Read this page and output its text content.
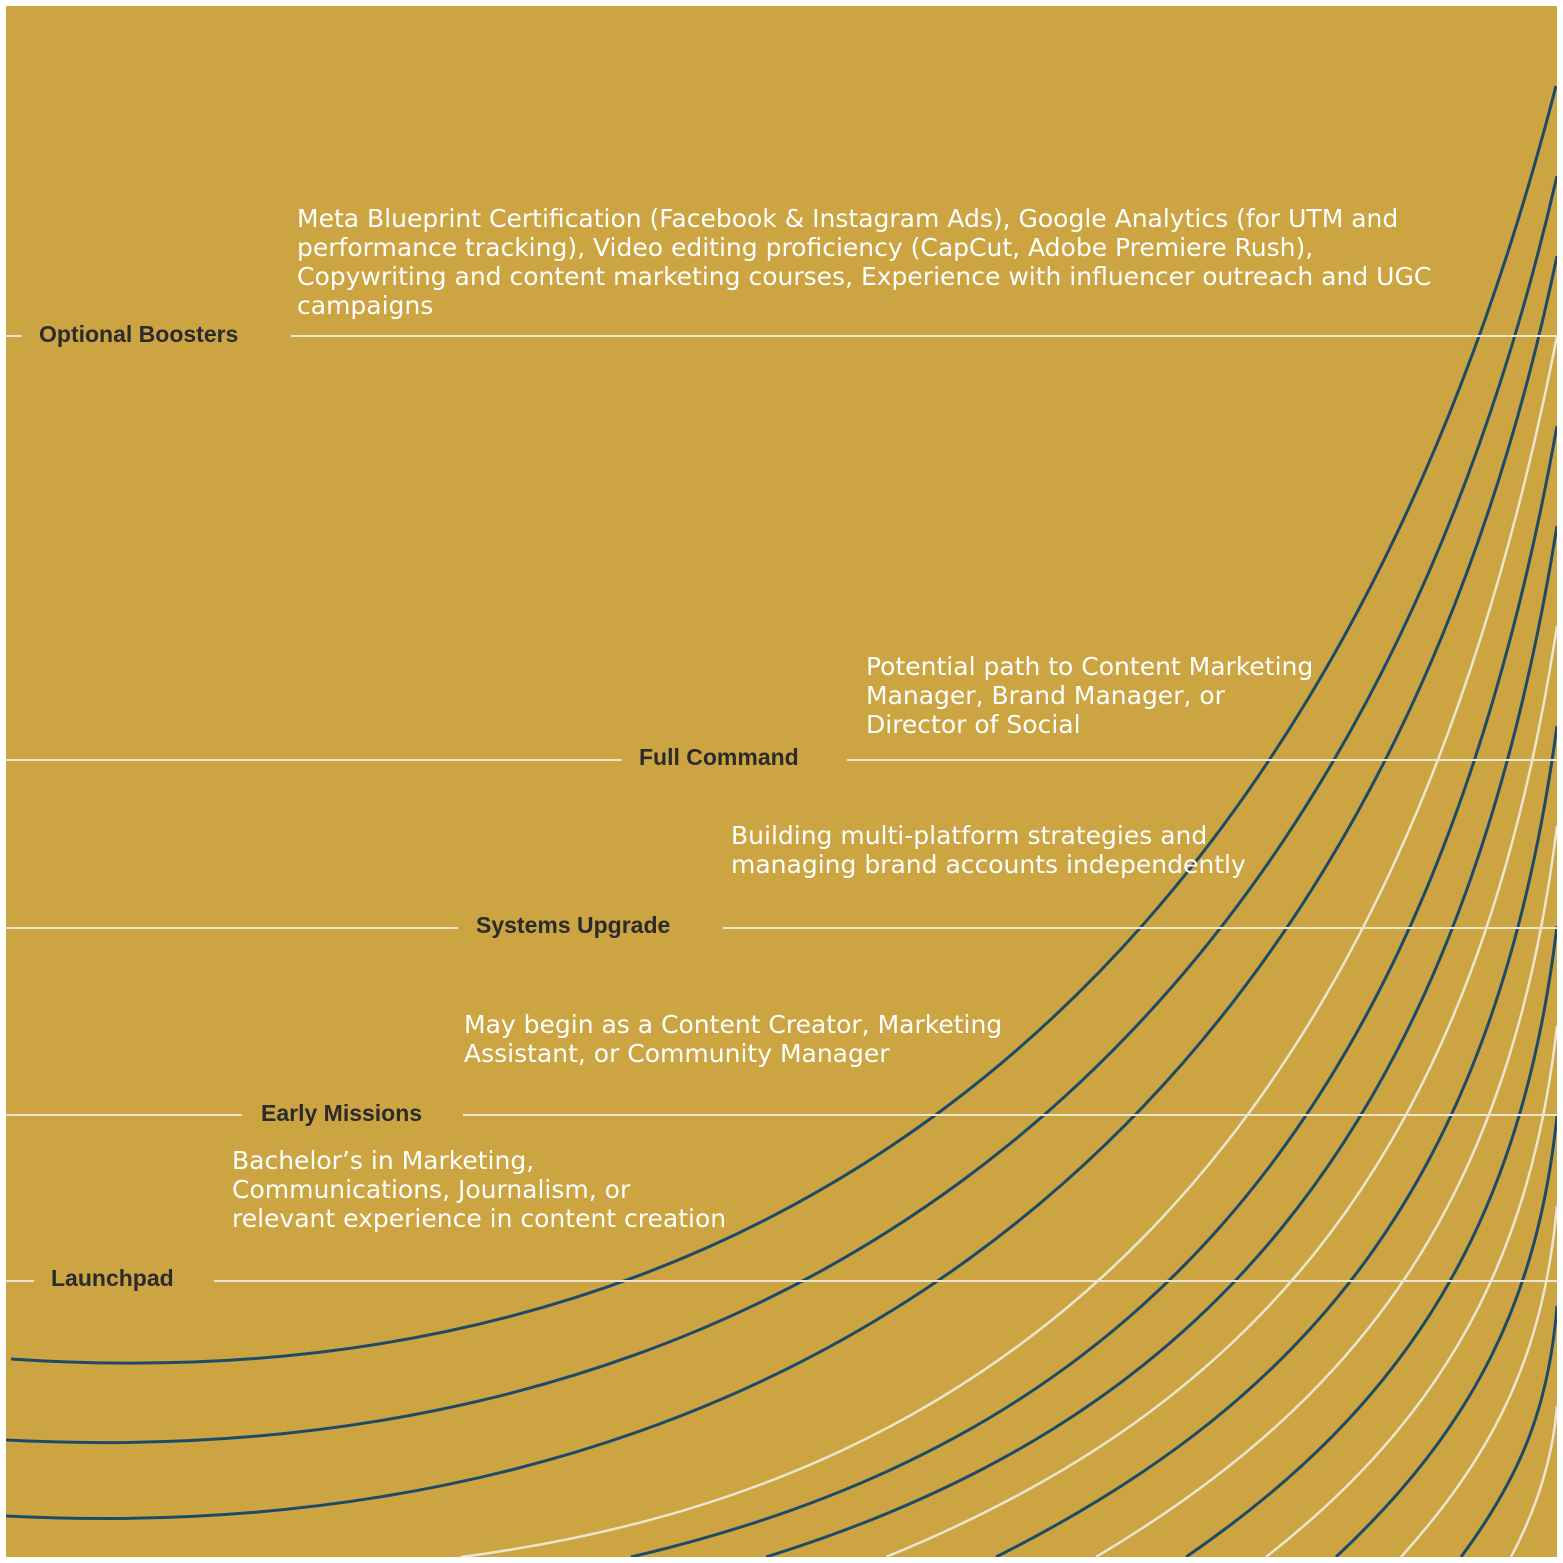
Optional Boosters

Meta Blueprint Certification (Facebook & Instagram Ads), Google Analytics (for UTM and performance tracking), Video editing proficiency (CapCut, Adobe Premiere Rush), Copywriting and content marketing courses, Experience with influencer outreach and UGC campaigns

Full Command

Potential path to Content Marketing Manager, Brand Manager, or Director of Social

Systems Upgrade

Building multi-platform strategies and managing brand accounts independently

Early Missions

May begin as a Content Creator, Marketing Assistant, or Community Manager

Launchpad

Bachelor’s in Marketing, Communications, Journalism, or relevant experience in content creation
